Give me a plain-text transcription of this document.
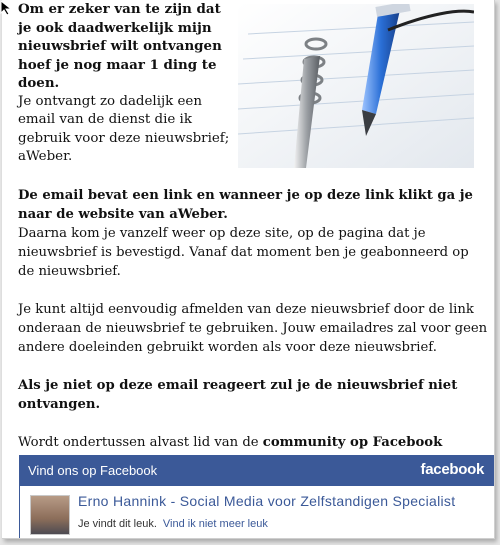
Om er zeker van te zijn dat je ook daadwerkelijk mijn nieuwsbrief wilt ontvangen hoef je nog maar 1 ding te doen.
Je ontvangt zo dadelijk een email van de dienst die ik gebruik voor deze nieuwsbrief; aWeber.

De email bevat een link en wanneer je op deze link klikt ga je naar de website van aWeber.
Daarna kom je vanzelf weer op deze site, op de pagina dat je nieuwsbrief is bevestigd. Vanaf dat moment ben je geabonneerd op de nieuwsbrief.

Je kunt altijd eenvoudig afmelden van deze nieuwsbrief door de link onderaan de nieuwsbrief te gebruiken. Jouw emailadres zal voor geen andere doeleinden gebruikt worden als voor deze nieuwsbrief.

Als je niet op deze email reageert zul je de nieuwsbrief niet ontvangen.

Wordt ondertussen alvast lid van de community op Facebook

Vind ons op Facebook	facebook
Erno Hannink - Social Media voor Zelfstandigen Specialist
Je vindt dit leuk. Vind ik niet meer leuk
